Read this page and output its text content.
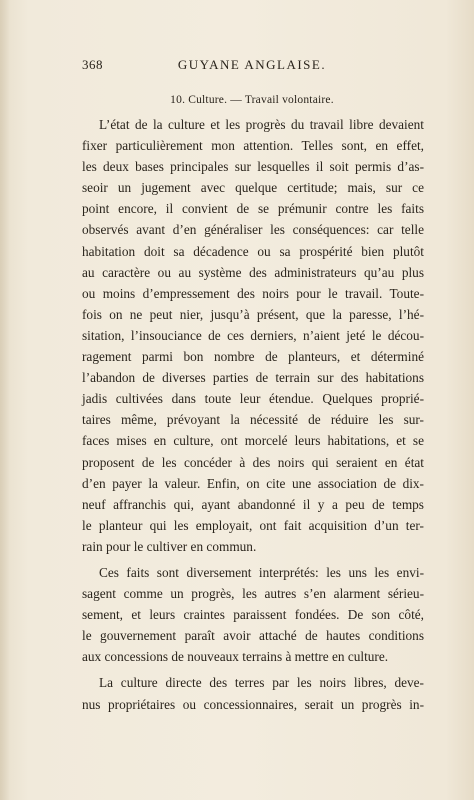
368	GUYANE ANGLAISE.
10. Culture. — Travail volontaire.
L’état de la culture et les progrès du travail libre devaient
fixer particulièrement mon attention. Telles sont, en effet,
les deux bases principales sur lesquelles il soit permis d’as-
seoir un jugement avec quelque certitude; mais, sur ce
point encore, il convient de se prémunir contre les faits
observés avant d’en généraliser les conséquences: car telle
habitation doit sa décadence ou sa prospérité bien plutôt
au caractère ou au système des administrateurs qu’au plus
ou moins d’empressement des noirs pour le travail. Toute-
fois on ne peut nier, jusqu’à présent, que la paresse, l’hé-
sitation, l’insouciance de ces derniers, n’aient jeté le décou-
ragement parmi bon nombre de planteurs, et déterminé
l’abandon de diverses parties de terrain sur des habitations
jadis cultivées dans toute leur étendue. Quelques proprié-
taires même, prévoyant la nécessité de réduire les sur-
faces mises en culture, ont morcelé leurs habitations, et se
proposent de les concéder à des noirs qui seraient en état
d’en payer la valeur. Enfin, on cite une association de dix-
neuf affranchis qui, ayant abandonné il y a peu de temps
le planteur qui les employait, ont fait acquisition d’un ter-
rain pour le cultiver en commun.
Ces faits sont diversement interprétés: les uns les envi-
sagent comme un progrès, les autres s’en alarment sérieu-
sement, et leurs craintes paraissent fondées. De son côté,
le gouvernement paraît avoir attaché de hautes conditions
aux concessions de nouveaux terrains à mettre en culture.
La culture directe des terres par les noirs libres, deve-
nus propriétaires ou concessionnaires, serait un progrès in-
